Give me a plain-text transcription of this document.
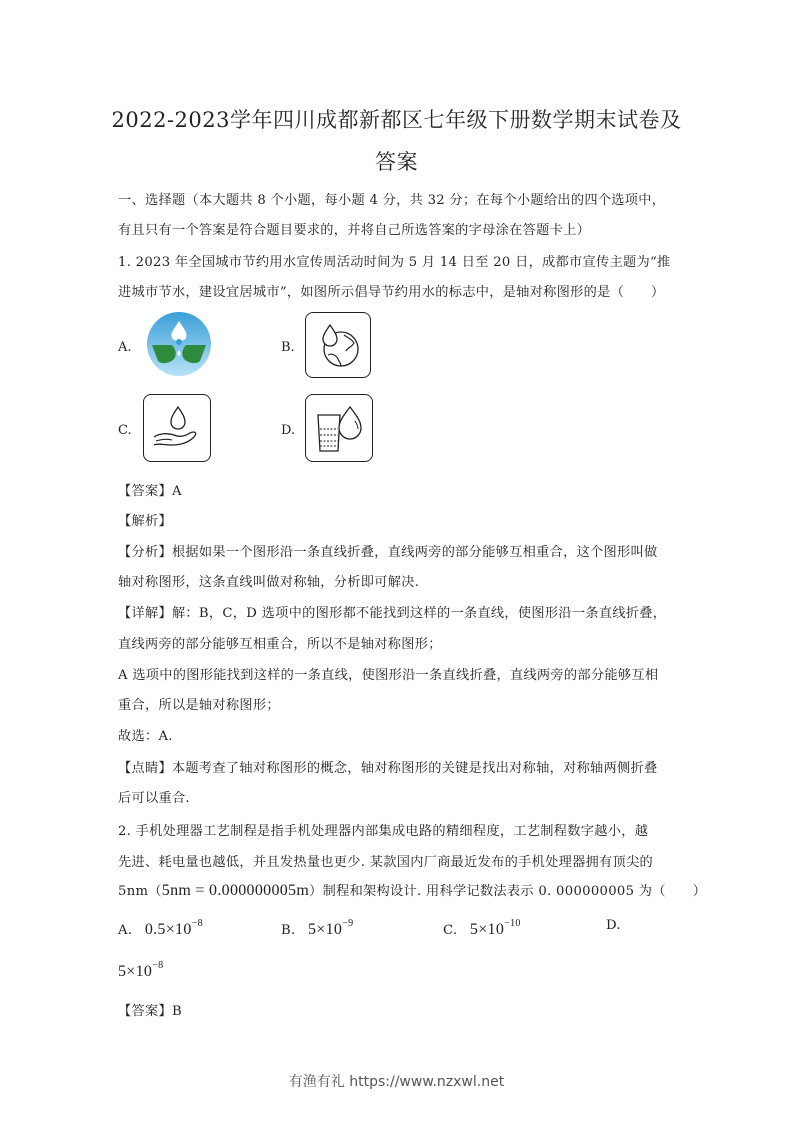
2022-2023学年四川成都新都区七年级下册数学期末试卷及
答案
一、选择题（本大题共 8 个小题，每小题 4 分，共 32 分；在每个小题给出的四个选项中，
有且只有一个答案是符合题目要求的，并将自己所选答案的字母涂在答题卡上）
1. 2023 年全国城市节约用水宣传周活动时间为 5 月 14 日至 20 日，成都市宣传主题为“推
进城市节水，建设宜居城市”，如图所示倡导节约用水的标志中，是轴对称图形的是（　　）
A.	B.
C.	D.
【答案】A
【解析】
【分析】根据如果一个图形沿一条直线折叠，直线两旁的部分能够互相重合，这个图形叫做
轴对称图形，这条直线叫做对称轴，分析即可解决.
【详解】解：B，C，D 选项中的图形都不能找到这样的一条直线，使图形沿一条直线折叠，
直线两旁的部分能够互相重合，所以不是轴对称图形；
A 选项中的图形能找到这样的一条直线，使图形沿一条直线折叠，直线两旁的部分能够互相
重合，所以是轴对称图形；
故选：A.
【点睛】本题考查了轴对称图形的概念，轴对称图形的关键是找出对称轴，对称轴两侧折叠
后可以重合.
2. 手机处理器工艺制程是指手机处理器内部集成电路的精细程度，工艺制程数字越小，越
先进、耗电量也越低，并且发热量也更少. 某款国内厂商最近发布的手机处理器拥有顶尖的
5nm（5nm = 0.000000005m）制程和架构设计. 用科学记数法表示 0. 000000005 为（　　）
A. $0.5\times 10^{-8}$	B. $5\times 10^{-9}$	C. $5\times 10^{-10}$	D.
$5\times 10^{-8}$
【答案】B
有渔有礼 https://www.nzxwl.net
